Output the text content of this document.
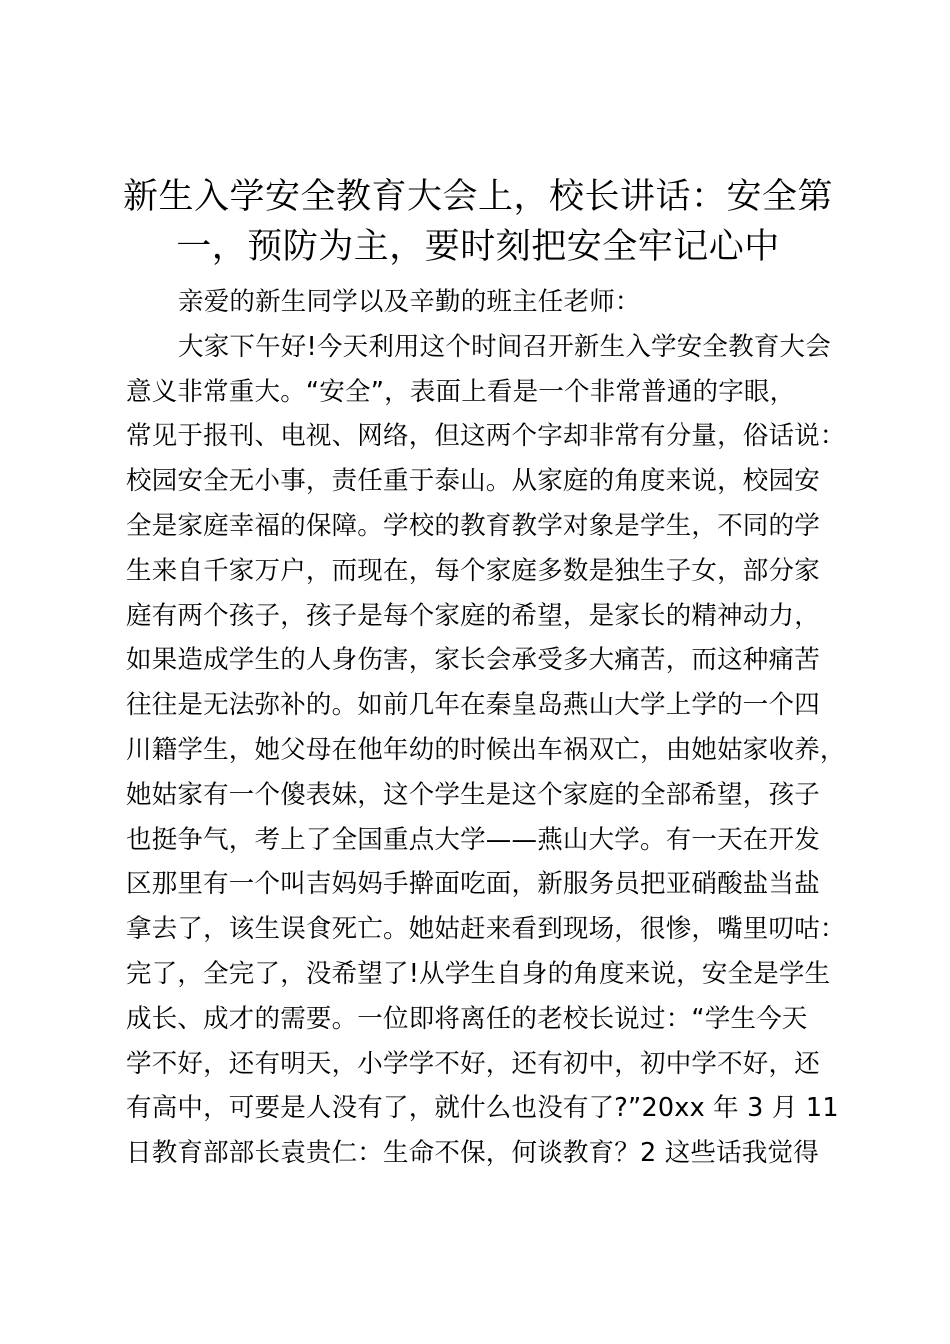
新生入学安全教育大会上，校长讲话：安全第
一，预防为主，要时刻把安全牢记心中
亲爱的新生同学以及辛勤的班主任老师：
大家下午好!今天利用这个时间召开新生入学安全教育大会
意义非常重大。“安全”，表面上看是一个非常普通的字眼，
常见于报刊、电视、网络，但这两个字却非常有分量，俗话说：
校园安全无小事，责任重于泰山。从家庭的角度来说，校园安
全是家庭幸福的保障。学校的教育教学对象是学生，不同的学
生来自千家万户，而现在，每个家庭多数是独生子女，部分家
庭有两个孩子，孩子是每个家庭的希望，是家长的精神动力，
如果造成学生的人身伤害，家长会承受多大痛苦，而这种痛苦
往往是无法弥补的。如前几年在秦皇岛燕山大学上学的一个四
川籍学生，她父母在他年幼的时候出车祸双亡，由她姑家收养，
她姑家有一个傻表妹，这个学生是这个家庭的全部希望，孩子
也挺争气，考上了全国重点大学——燕山大学。有一天在开发
区那里有一个叫吉妈妈手擀面吃面，新服务员把亚硝酸盐当盐
拿去了，该生误食死亡。她姑赶来看到现场，很惨，嘴里叨咕：
完了，全完了，没希望了!从学生自身的角度来说，安全是学生
成长、成才的需要。一位即将离任的老校长说过：“学生今天
学不好，还有明天，小学学不好，还有初中，初中学不好，还
有高中，可要是人没有了，就什么也没有了?”20xx 年 3 月 11
日教育部部长袁贵仁：生命不保，何谈教育？2 这些话我觉得
